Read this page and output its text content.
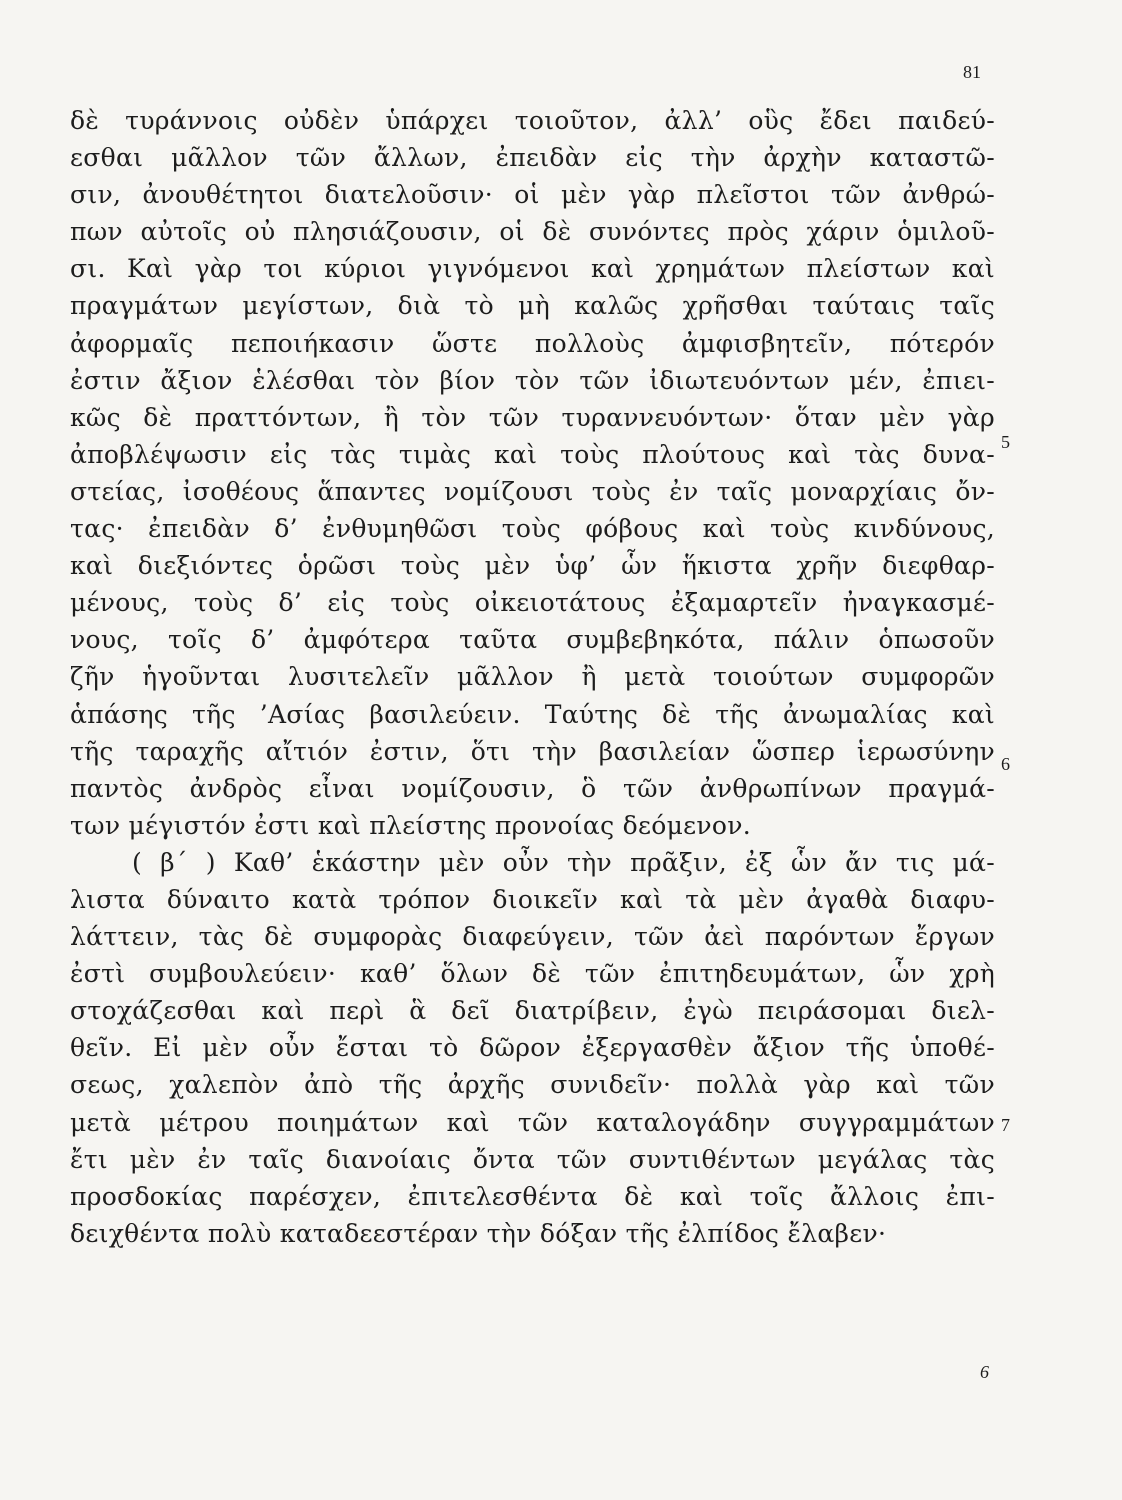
81
δὲ τυράννοις οὐδὲν ὑπάρχει τοιοῦτον, ἀλλ’ οὓς ἔδει παιδεύ-
εσθαι μᾶλλον τῶν ἄλλων, ἐπειδὰν εἰς τὴν ἀρχὴν καταστῶ-
σιν, ἀνουθέτητοι διατελοῦσιν· οἱ μὲν γὰρ πλεῖστοι τῶν ἀνθρώ-
πων αὐτοῖς οὐ πλησιάζουσιν, οἱ δὲ συνόντες πρὸς χάριν ὁμιλοῦ-
σι. Καὶ γὰρ τοι κύριοι γιγνόμενοι καὶ χρημάτων πλείστων καὶ
πραγμάτων μεγίστων, διὰ τὸ μὴ καλῶς χρῆσθαι ταύταις ταῖς
ἀφορμαῖς πεποιήκασιν ὥστε πολλοὺς ἀμφισβητεῖν, πότερόν
ἐστιν ἄξιον ἑλέσθαι τὸν βίον τὸν τῶν ἰδιωτευόντων μέν, ἐπιει-
κῶς δὲ πραττόντων, ἢ τὸν τῶν τυραννευόντων· ὅταν μὲν γὰρ
ἀποβλέψωσιν εἰς τὰς τιμὰς καὶ τοὺς πλούτους καὶ τὰς δυνα-
στείας, ἰσοθέους ἅπαντες νομίζουσι τοὺς ἐν ταῖς μοναρχίαις ὄν-
τας· ἐπειδὰν δ’ ἐνθυμηθῶσι τοὺς φόβους καὶ τοὺς κινδύνους,
καὶ διεξιόντες ὁρῶσι τοὺς μὲν ὑφ’ ὧν ἥκιστα χρῆν διεφθαρ-
μένους, τοὺς δ’ εἰς τοὺς οἰκειοτάτους ἐξαμαρτεῖν ἠναγκασμέ-
νους, τοῖς δ’ ἀμφότερα ταῦτα συμβεβηκότα, πάλιν ὁπωσοῦν
ζῆν ἡγοῦνται λυσιτελεῖν μᾶλλον ἢ μετὰ τοιούτων συμφορῶν
ἁπάσης τῆς ’Ασίας βασιλεύειν. Ταύτης δὲ τῆς ἀνωμαλίας καὶ
τῆς ταραχῆς αἴτιόν ἐστιν, ὅτι τὴν βασιλείαν ὥσπερ ἱερωσύνην
παντὸς ἀνδρὸς εἶναι νομίζουσιν, ὃ τῶν ἀνθρωπίνων πραγμά-
των μέγιστόν ἐστι καὶ πλείστης προνοίας δεόμενον.
( β΄ ) Καθ’ ἑκάστην μὲν οὖν τὴν πρᾶξιν, ἐξ ὧν ἄν τις μά-
λιστα δύναιτο κατὰ τρόπον διοικεῖν καὶ τὰ μὲν ἀγαθὰ διαφυ-
λάττειν, τὰς δὲ συμφορὰς διαφεύγειν, τῶν ἀεὶ παρόντων ἔργων
ἐστὶ συμβουλεύειν· καθ’ ὅλων δὲ τῶν ἐπιτηδευμάτων, ὧν χρὴ
στοχάζεσθαι καὶ περὶ ἃ δεῖ διατρίβειν, ἐγὼ πειράσομαι διελ-
θεῖν. Εἰ μὲν οὖν ἔσται τὸ δῶρον ἐξεργασθὲν ἄξιον τῆς ὑποθέ-
σεως, χαλεπὸν ἀπὸ τῆς ἀρχῆς συνιδεῖν· πολλὰ γὰρ καὶ τῶν
μετὰ μέτρου ποιημάτων καὶ τῶν καταλογάδην συγγραμμάτων
ἔτι μὲν ἐν ταῖς διανοίαις ὄντα τῶν συντιθέντων μεγάλας τὰς
προσδοκίας παρέσχεν, ἐπιτελεσθέντα δὲ καὶ τοῖς ἄλλοις ἐπι-
δειχθέντα πολὺ καταδεεστέραν τὴν δόξαν τῆς ἐλπίδος ἔλαβεν·
5
6
7
6
